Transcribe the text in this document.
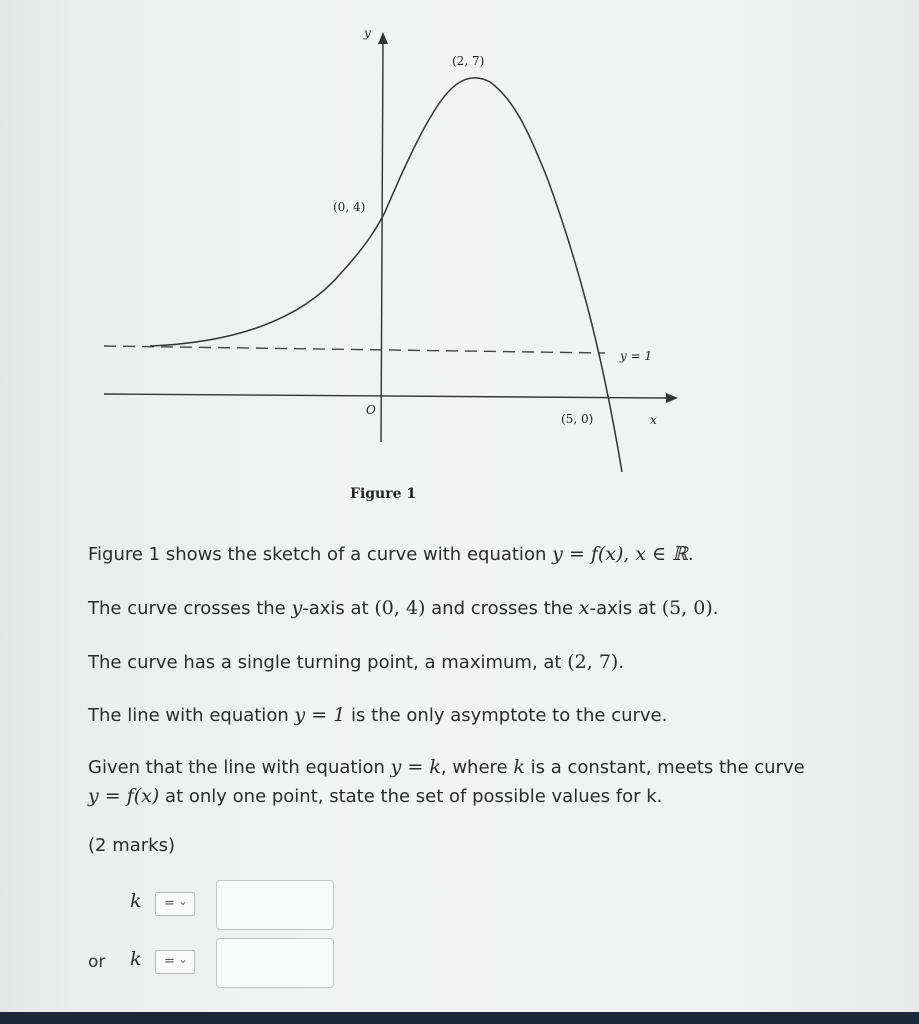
y
x
O
(2, 7)
(0, 4)
(5, 0)
y = 1
Figure 1

Figure 1 shows the sketch of a curve with equation y = f(x), x ∈ ℝ.

The curve crosses the y-axis at (0, 4) and crosses the x-axis at (5, 0).

The curve has a single turning point, a maximum, at (2, 7).

The line with equation y = 1 is the only asymptote to the curve.

Given that the line with equation y = k, where k is a constant, meets the curve

y = f(x) at only one point, state the set of possible values for k.

(2 marks)

k = ⌄
or k = ⌄
